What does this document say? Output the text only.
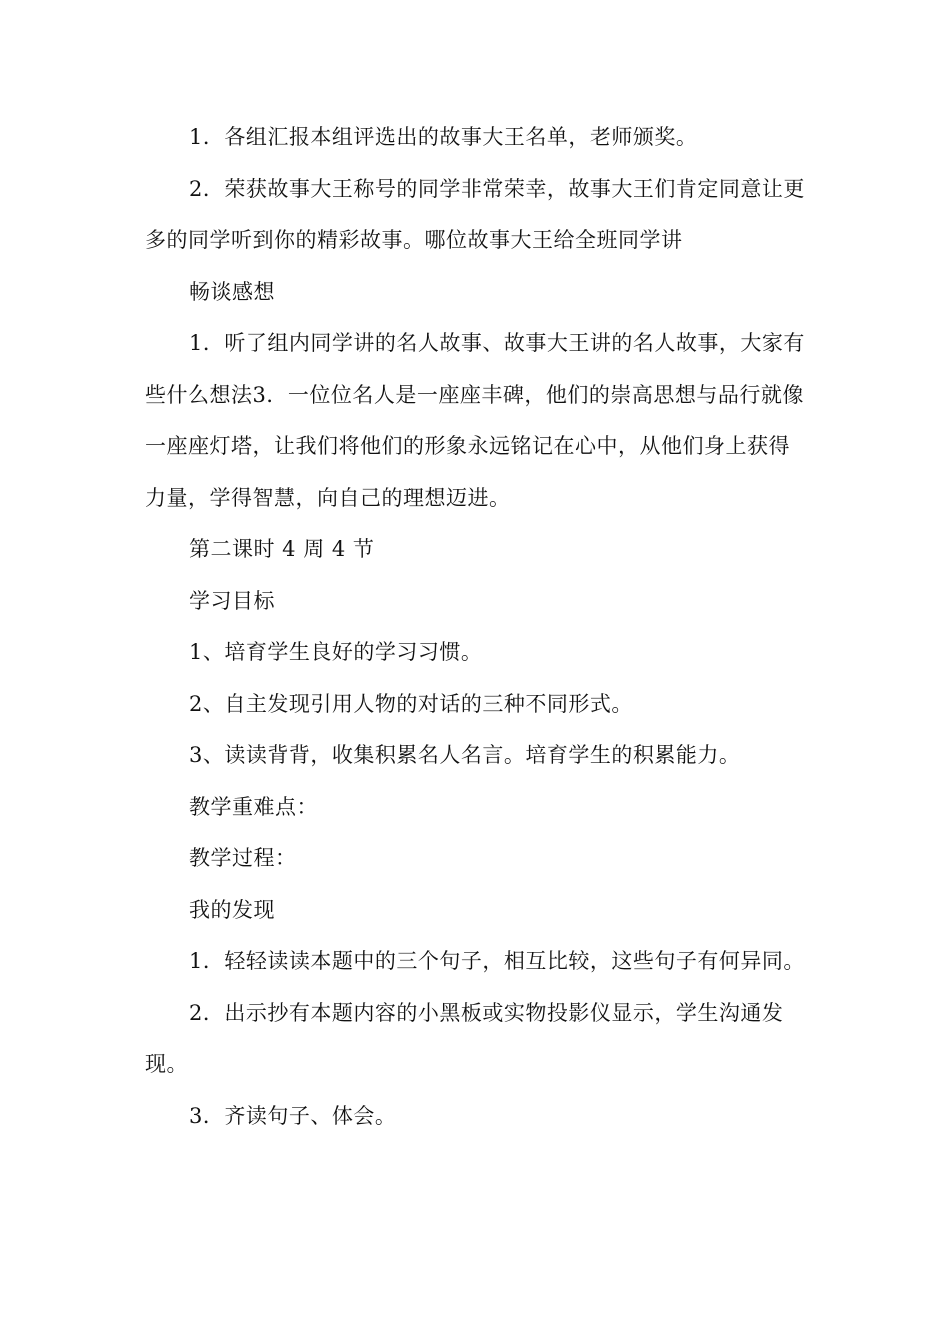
1．各组汇报本组评选出的故事大王名单，老师颁奖。

2．荣获故事大王称号的同学非常荣幸，故事大王们肯定同意让更多的同学听到你的精彩故事。哪位故事大王给全班同学讲

畅谈感想

1．听了组内同学讲的名人故事、故事大王讲的名人故事，大家有些什么想法3．一位位名人是一座座丰碑，他们的崇高思想与品行就像一座座灯塔，让我们将他们的形象永远铭记在心中，从他们身上获得力量，学得智慧，向自己的理想迈进。

第二课时 4 周 4 节

学习目标

1、培育学生良好的学习习惯。

2、自主发现引用人物的对话的三种不同形式。

3、读读背背，收集积累名人名言。培育学生的积累能力。

教学重难点：

教学过程：

我的发现

1．轻轻读读本题中的三个句子，相互比较，这些句子有何异同。

2．出示抄有本题内容的小黑板或实物投影仪显示，学生沟通发现。

3．齐读句子、体会。
